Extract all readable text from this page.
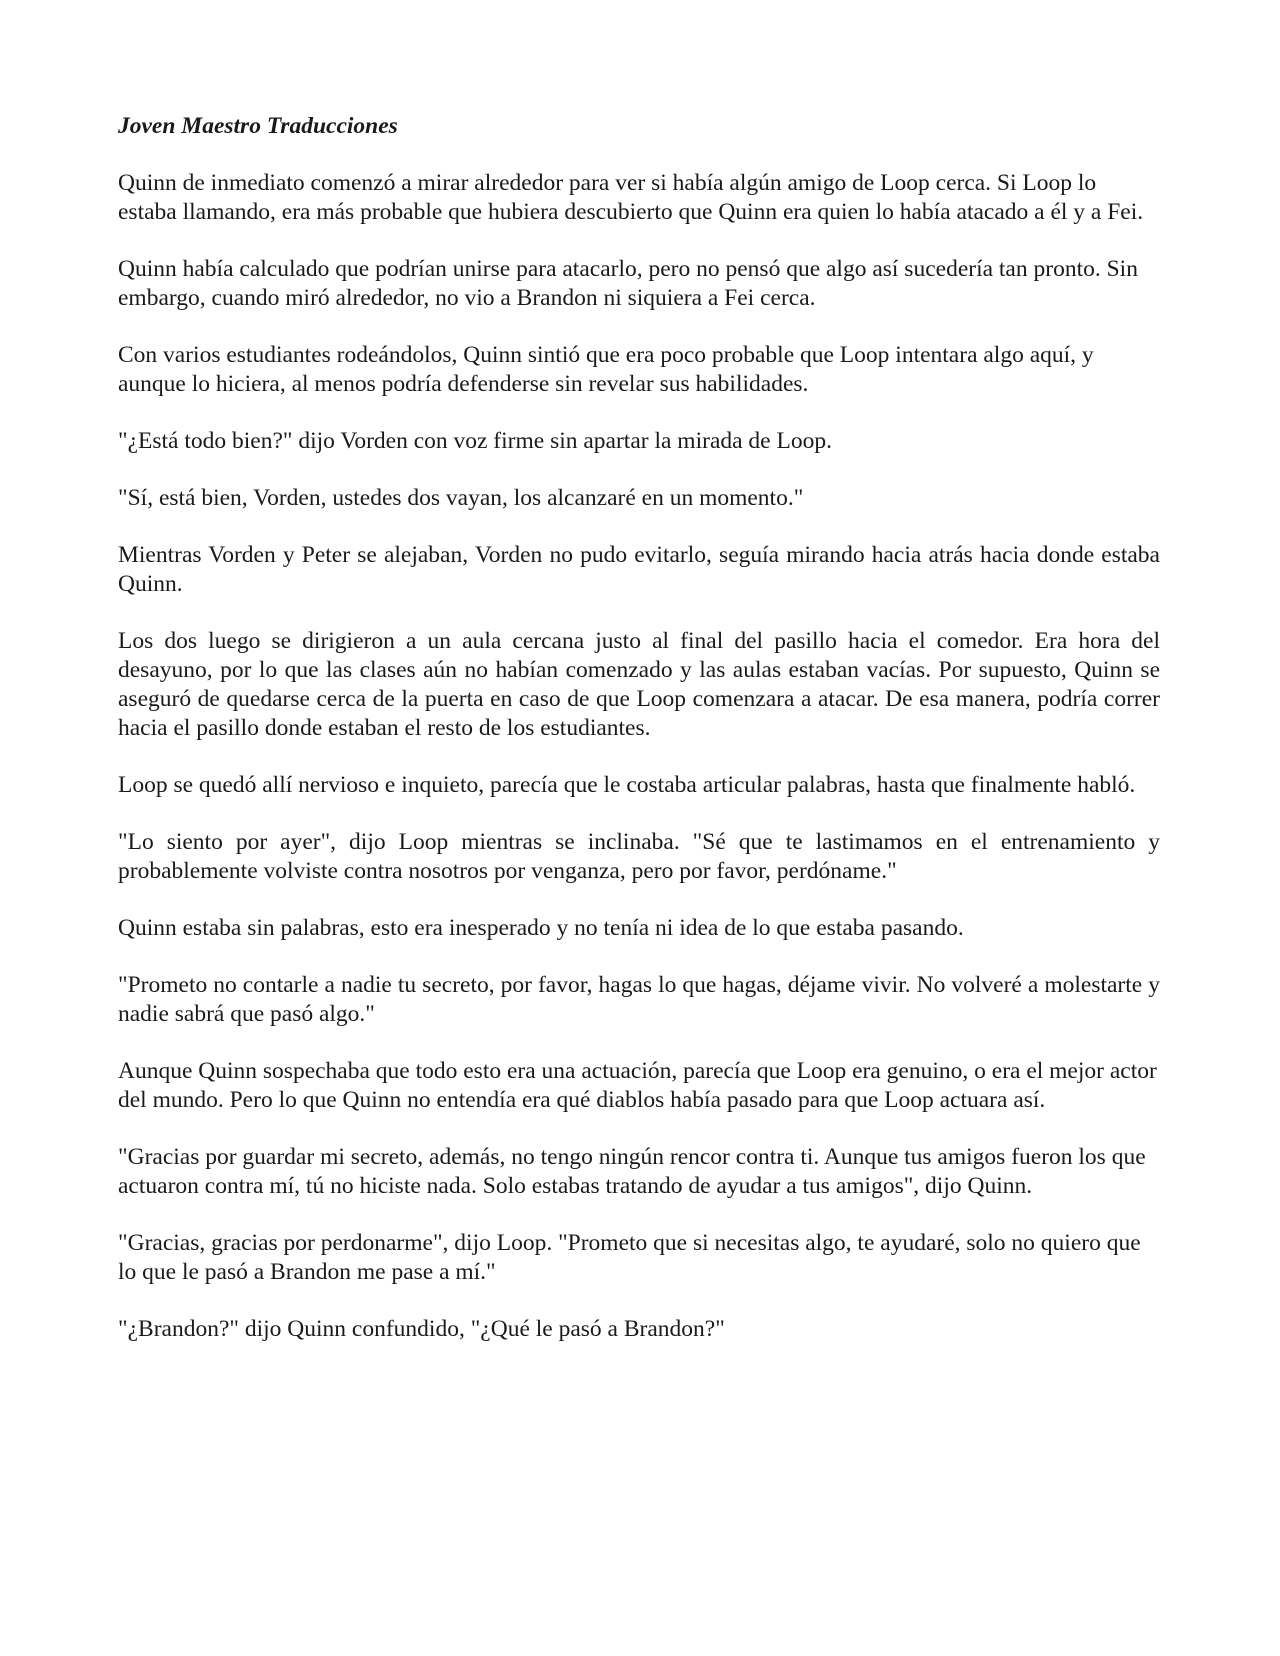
Joven Maestro Traducciones

Quinn de inmediato comenzó a mirar alrededor para ver si había algún amigo de Loop cerca. Si Loop lo estaba llamando, era más probable que hubiera descubierto que Quinn era quien lo había atacado a él y a Fei.

Quinn había calculado que podrían unirse para atacarlo, pero no pensó que algo así sucedería tan pronto. Sin embargo, cuando miró alrededor, no vio a Brandon ni siquiera a Fei cerca.

Con varios estudiantes rodeándolos, Quinn sintió que era poco probable que Loop intentara algo aquí, y aunque lo hiciera, al menos podría defenderse sin revelar sus habilidades.

"¿Está todo bien?" dijo Vorden con voz firme sin apartar la mirada de Loop.

"Sí, está bien, Vorden, ustedes dos vayan, los alcanzaré en un momento."

Mientras Vorden y Peter se alejaban, Vorden no pudo evitarlo, seguía mirando hacia atrás hacia donde estaba Quinn.

Los dos luego se dirigieron a un aula cercana justo al final del pasillo hacia el comedor. Era hora del desayuno, por lo que las clases aún no habían comenzado y las aulas estaban vacías. Por supuesto, Quinn se aseguró de quedarse cerca de la puerta en caso de que Loop comenzara a atacar. De esa manera, podría correr hacia el pasillo donde estaban el resto de los estudiantes.

Loop se quedó allí nervioso e inquieto, parecía que le costaba articular palabras, hasta que finalmente habló.

"Lo siento por ayer", dijo Loop mientras se inclinaba. "Sé que te lastimamos en el entrenamiento y probablemente volviste contra nosotros por venganza, pero por favor, perdóname."

Quinn estaba sin palabras, esto era inesperado y no tenía ni idea de lo que estaba pasando.

"Prometo no contarle a nadie tu secreto, por favor, hagas lo que hagas, déjame vivir. No volveré a molestarte y nadie sabrá que pasó algo."

Aunque Quinn sospechaba que todo esto era una actuación, parecía que Loop era genuino, o era el mejor actor del mundo. Pero lo que Quinn no entendía era qué diablos había pasado para que Loop actuara así.

"Gracias por guardar mi secreto, además, no tengo ningún rencor contra ti. Aunque tus amigos fueron los que actuaron contra mí, tú no hiciste nada. Solo estabas tratando de ayudar a tus amigos", dijo Quinn.

"Gracias, gracias por perdonarme", dijo Loop. "Prometo que si necesitas algo, te ayudaré, solo no quiero que lo que le pasó a Brandon me pase a mí."

"¿Brandon?" dijo Quinn confundido, "¿Qué le pasó a Brandon?"
